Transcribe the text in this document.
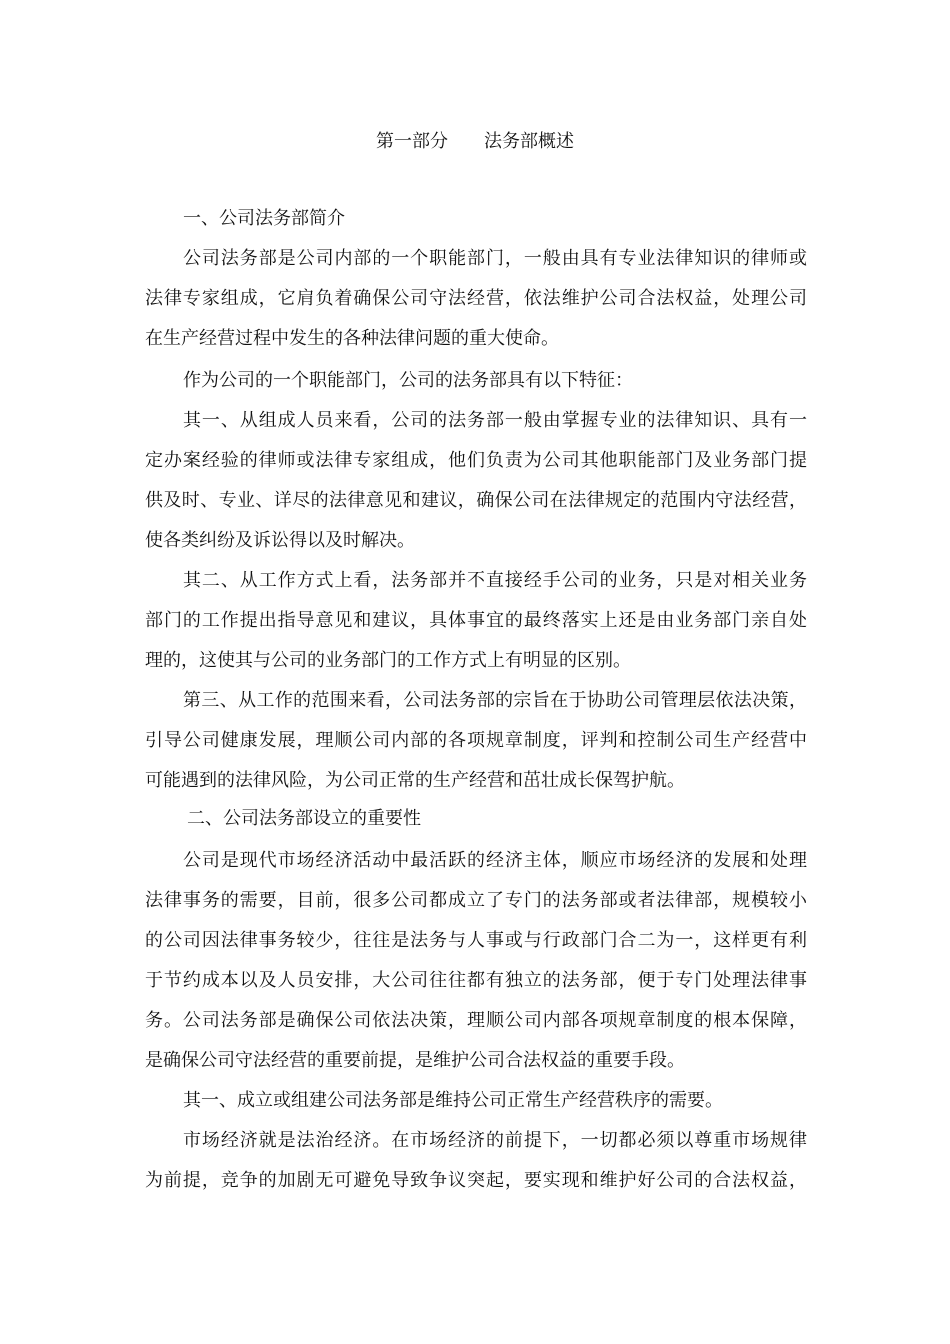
第一部分　　法务部概述
一、公司法务部简介
公司法务部是公司内部的一个职能部门，一般由具有专业法律知识的律师或
法律专家组成，它肩负着确保公司守法经营，依法维护公司合法权益，处理公司
在生产经营过程中发生的各种法律问题的重大使命。
作为公司的一个职能部门，公司的法务部具有以下特征：
其一、从组成人员来看，公司的法务部一般由掌握专业的法律知识、具有一
定办案经验的律师或法律专家组成，他们负责为公司其他职能部门及业务部门提
供及时、专业、详尽的法律意见和建议，确保公司在法律规定的范围内守法经营，
使各类纠纷及诉讼得以及时解决。
其二、从工作方式上看，法务部并不直接经手公司的业务，只是对相关业务
部门的工作提出指导意见和建议，具体事宜的最终落实上还是由业务部门亲自处
理的，这使其与公司的业务部门的工作方式上有明显的区别。
第三、从工作的范围来看，公司法务部的宗旨在于协助公司管理层依法决策，
引导公司健康发展，理顺公司内部的各项规章制度，评判和控制公司生产经营中
可能遇到的法律风险，为公司正常的生产经营和茁壮成长保驾护航。
二、公司法务部设立的重要性
公司是现代市场经济活动中最活跃的经济主体，顺应市场经济的发展和处理
法律事务的需要，目前，很多公司都成立了专门的法务部或者法律部，规模较小
的公司因法律事务较少，往往是法务与人事或与行政部门合二为一，这样更有利
于节约成本以及人员安排，大公司往往都有独立的法务部，便于专门处理法律事
务。公司法务部是确保公司依法决策，理顺公司内部各项规章制度的根本保障，
是确保公司守法经营的重要前提，是维护公司合法权益的重要手段。
其一、成立或组建公司法务部是维持公司正常生产经营秩序的需要。
市场经济就是法治经济。在市场经济的前提下，一切都必须以尊重市场规律
为前提，竞争的加剧无可避免导致争议突起，要实现和维护好公司的合法权益，
